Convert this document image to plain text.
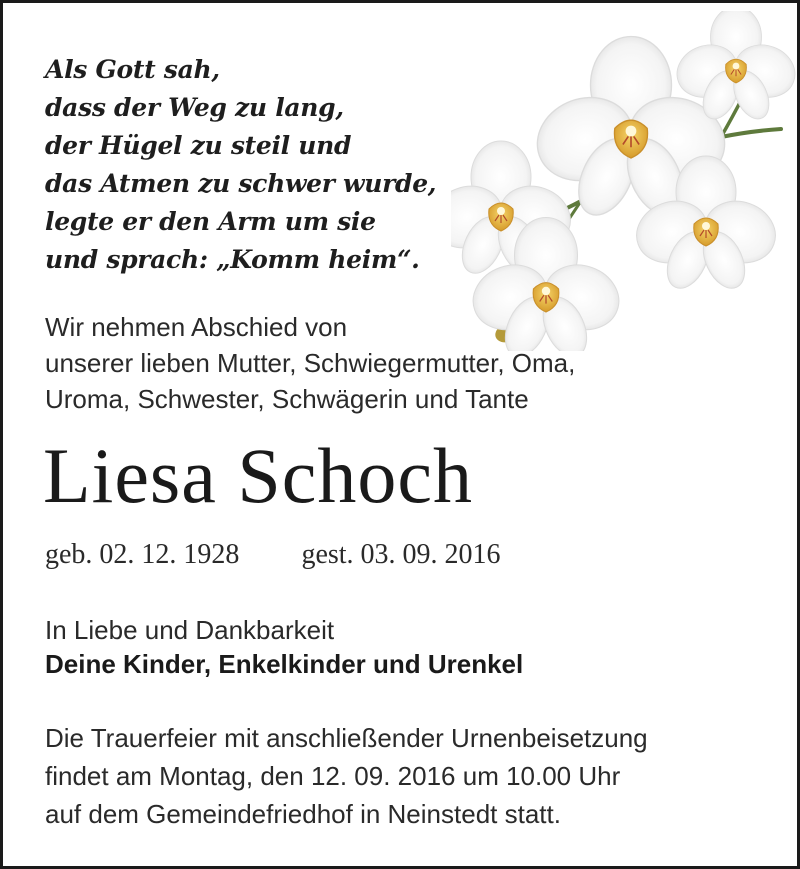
Als Gott sah,
dass der Weg zu lang,
der Hügel zu steil und
das Atmen zu schwer wurde,
legte er den Arm um sie
und sprach: „Komm heim“.
Wir nehmen Abschied von
unserer lieben Mutter, Schwiegermutter, Oma,
Uroma, Schwester, Schwägerin und Tante
Liesa Schoch
geb. 02. 12. 1928 gest. 03. 09. 2016
In Liebe und Dankbarkeit
Deine Kinder, Enkelkinder und Urenkel
Die Trauerfeier mit anschließender Urnenbeisetzung
findet am Montag, den 12. 09. 2016 um 10.00 Uhr
auf dem Gemeindefriedhof in Neinstedt statt.
